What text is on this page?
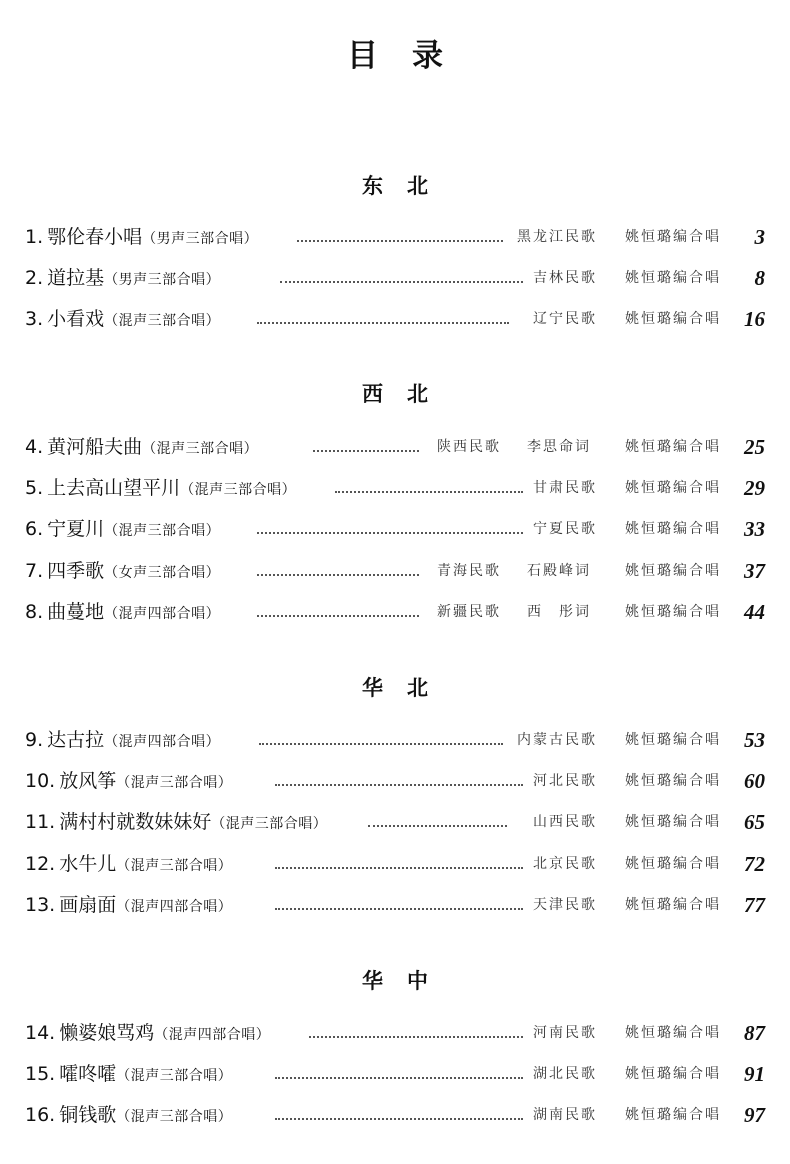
目录
东北
1. 鄂伦春小唱（男声三部合唱）	黑龙江民歌 姚恒璐编合唱	3
2. 道拉基（男声三部合唱）	吉林民歌 姚恒璐编合唱	8
3. 小看戏（混声三部合唱）	辽宁民歌 姚恒璐编合唱	16
西北
4. 黄河船夫曲（混声三部合唱）	陕西民歌 李思命词 姚恒璐编合唱	25
5. 上去高山望平川（混声三部合唱）	甘肃民歌 姚恒璐编合唱	29
6. 宁夏川（混声三部合唱）	宁夏民歌 姚恒璐编合唱	33
7. 四季歌（女声三部合唱）	青海民歌 石殿峰词 姚恒璐编合唱	37
8. 曲蔓地（混声四部合唱）	新疆民歌 西　彤词 姚恒璐编合唱	44
华北
9. 达古拉（混声四部合唱）	内蒙古民歌 姚恒璐编合唱	53
10. 放风筝（混声三部合唱）	河北民歌 姚恒璐编合唱	60
11. 满村村就数妹妹好（混声三部合唱）	山西民歌 姚恒璐编合唱	65
12. 水牛儿（混声三部合唱）	北京民歌 姚恒璐编合唱	72
13. 画扇面（混声四部合唱）	天津民歌 姚恒璐编合唱	77
华中
14. 懒婆娘骂鸡（混声四部合唱）	河南民歌 姚恒璐编合唱	87
15. 嚯咚嚯（混声三部合唱）	湖北民歌 姚恒璐编合唱	91
16. 铜钱歌（混声三部合唱）	湖南民歌 姚恒璐编合唱	97
